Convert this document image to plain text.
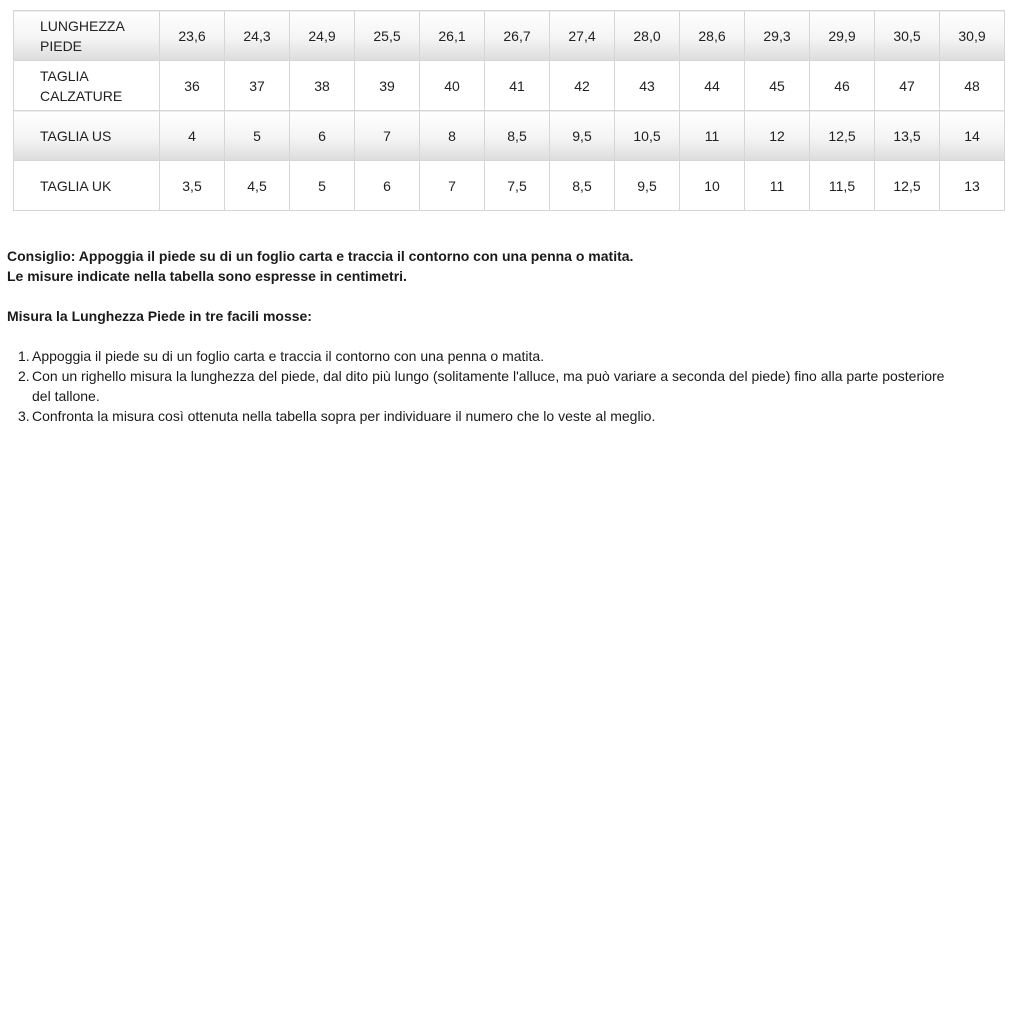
LUNGHEZZA
PIEDE	23,6	24,3	24,9	25,5	26,1	26,7	27,4	28,0	28,6	29,3	29,9	30,5	30,9
TAGLIA
CALZATURE	36	37	38	39	40	41	42	43	44	45	46	47	48
TAGLIA US	4	5	6	7	8	8,5	9,5	10,5	11	12	12,5	13,5	14
TAGLIA UK	3,5	4,5	5	6	7	7,5	8,5	9,5	10	11	11,5	12,5	13

Consiglio: Appoggia il piede su di un foglio carta e traccia il contorno con una penna o matita.

Le misure indicate nella tabella sono espresse in centimetri.

Misura la Lunghezza Piede in tre facili mosse:

1. Appoggia il piede su di un foglio carta e traccia il contorno con una penna o matita.
2. Con un righello misura la lunghezza del piede, dal dito più lungo (solitamente l'alluce, ma può variare a seconda del piede) fino alla parte posteriore del tallone.
3. Confronta la misura così ottenuta nella tabella sopra per individuare il numero che lo veste al meglio.
